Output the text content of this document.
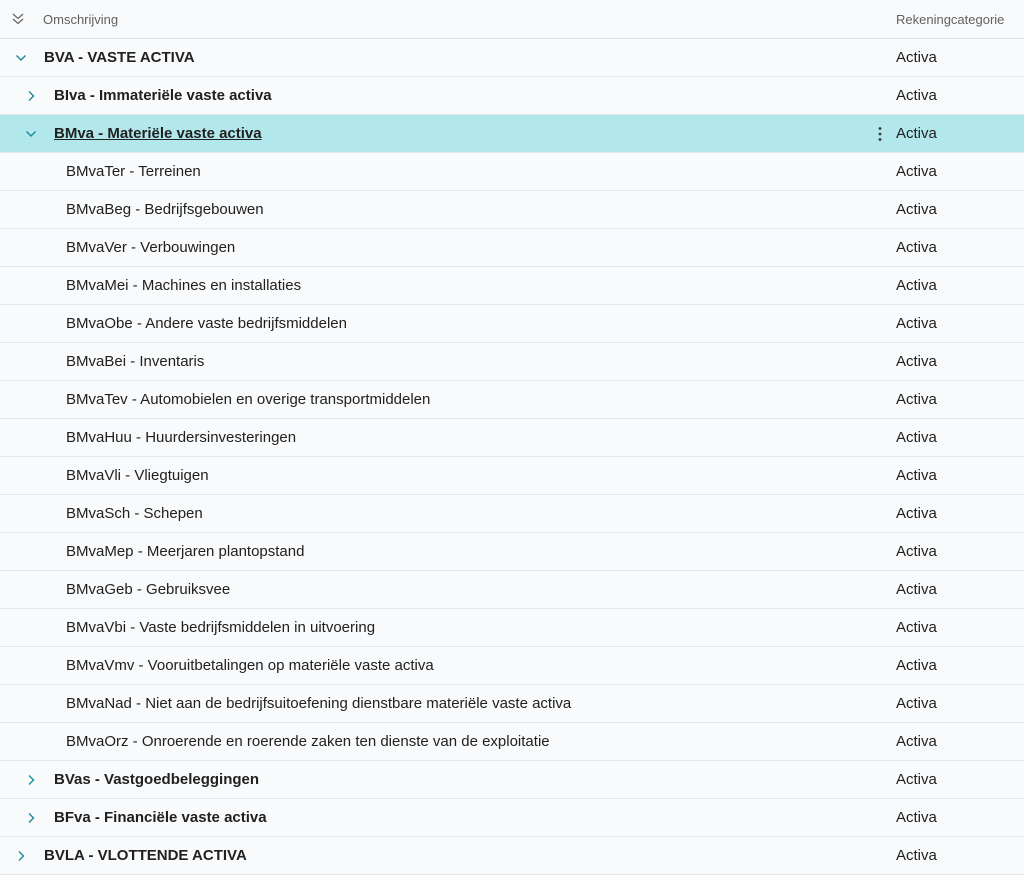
Omschrijving	Rekeningcategorie
BVA - VASTE ACTIVA	Activa
BIva - Immateriële vaste activa	Activa
BMva - Materiële vaste activa	Activa
BMvaTer - Terreinen	Activa
BMvaBeg - Bedrijfsgebouwen	Activa
BMvaVer - Verbouwingen	Activa
BMvaMei - Machines en installaties	Activa
BMvaObe - Andere vaste bedrijfsmiddelen	Activa
BMvaBei - Inventaris	Activa
BMvaTev - Automobielen en overige transportmiddelen	Activa
BMvaHuu - Huurdersinvesteringen	Activa
BMvaVli - Vliegtuigen	Activa
BMvaSch - Schepen	Activa
BMvaMep - Meerjaren plantopstand	Activa
BMvaGeb - Gebruiksvee	Activa
BMvaVbi - Vaste bedrijfsmiddelen in uitvoering	Activa
BMvaVmv - Vooruitbetalingen op materiële vaste activa	Activa
BMvaNad - Niet aan de bedrijfsuitoefening dienstbare materiële vaste activa	Activa
BMvaOrz - Onroerende en roerende zaken ten dienste van de exploitatie	Activa
BVas - Vastgoedbeleggingen	Activa
BFva - Financiële vaste activa	Activa
BVLA - VLOTTENDE ACTIVA	Activa
